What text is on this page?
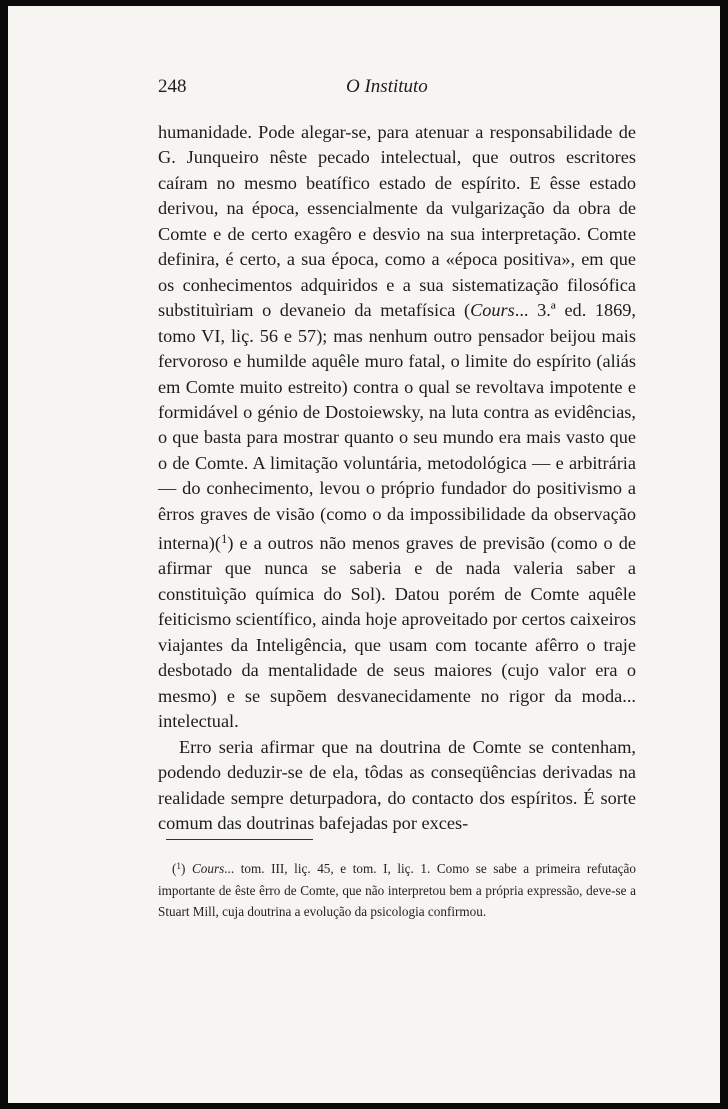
248	O Instituto

humanidade. Pode alegar-se, para atenuar a responsabilidade de G. Junqueiro nêste pecado intelectual, que outros escritores caíram no mesmo beatífico estado de espírito. E êsse estado derivou, na época, essencialmente da vulgarização da obra de Comte e de certo exagêro e desvio na sua interpretação. Comte definira, é certo, a sua época, como a «época positiva», em que os conhecimentos adquiridos e a sua sistematização filosófica substituìriam o devaneio da metafísica (Cours... 3.ª ed. 1869, tomo VI, liç. 56 e 57); mas nenhum outro pensador beijou mais fervoroso e humilde aquêle muro fatal, o limite do espírito (aliás em Comte muito estreito) contra o qual se revoltava impotente e formidável o génio de Dostoiewsky, na luta contra as evidências, o que basta para mostrar quanto o seu mundo era mais vasto que o de Comte. A limitação voluntária, metodológica — e arbitrária — do conhecimento, levou o próprio fundador do positivismo a êrros graves de visão (como o da impossibilidade da observação interna)($^1$) e a outros não menos graves de previsão (como o de afirmar que nunca se saberia e de nada valeria saber a constituìção química do Sol). Datou porém de Comte aquêle feiticismo scientífico, ainda hoje aproveitado por certos caixeiros viajantes da Inteligência, que usam com tocante afêrro o traje desbotado da mentalidade de seus maiores (cujo valor era o mesmo) e se supõem desvanecidamente no rigor da moda... intelectual.

Erro seria afirmar que na doutrina de Comte se contenham, podendo deduzir-se de ela, tôdas as conseqüências derivadas na realidade sempre deturpadora, do contacto dos espíritos. É sorte comum das doutrinas bafejadas por exces-

($^1$) Cours... tom. III, liç. 45, e tom. I, liç. 1. Como se sabe a primeira refutação importante de êste êrro de Comte, que não interpretou bem a própria expressão, deve-se a Stuart Mill, cuja doutrina a evolução da psicologia confirmou.
